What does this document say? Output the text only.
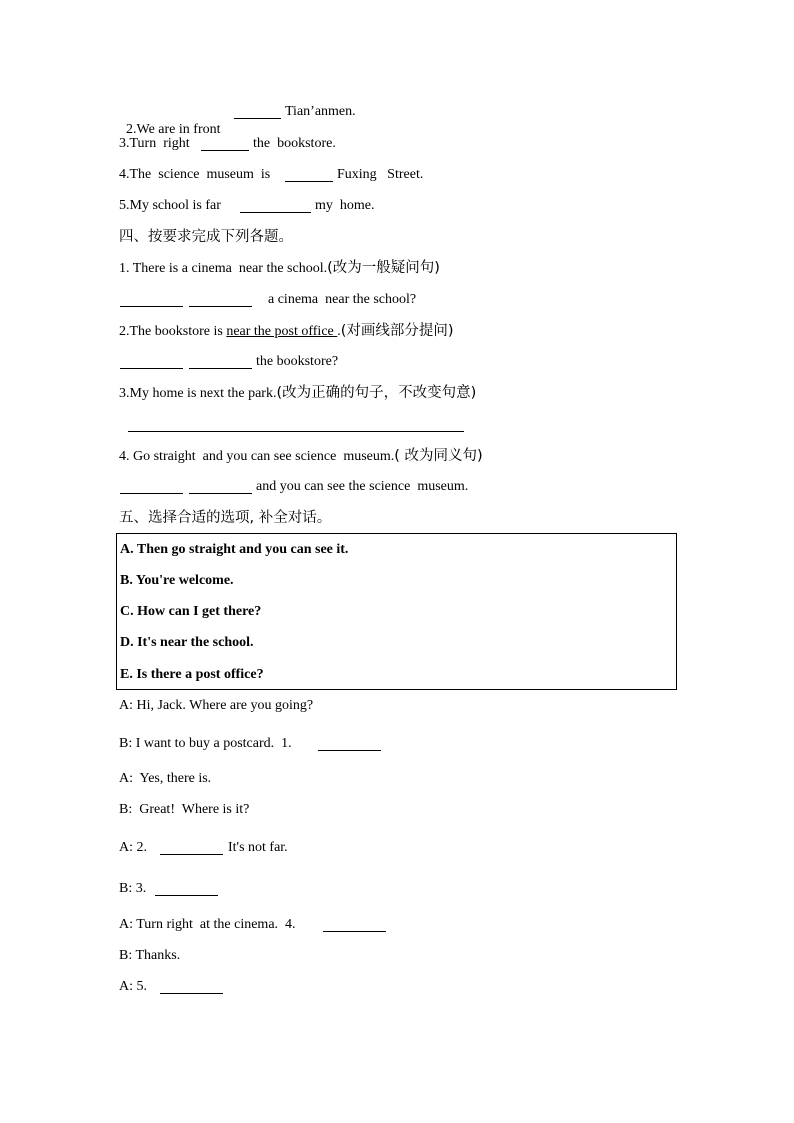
2.We are in front

Tian’anmen.
3.Turn  right	the  bookstore.
4.The  science  museum  is	Fuxing   Street.
5.My school is far	my  home.
四、按要求完成下列各题。
1. There is a cinema  near the school.(改为一般疑问句)
a cinema  near the school?
2.The bookstore is near the post office .(对画线部分提问)
the bookstore?
3.My home is next the park.(改为正确的句子，不改变句意)
4. Go straight  and you can see science  museum.( 改为同义句)
and you can see the science  museum.
五、选择合适的选项, 补全对话。
A. Then go straight and you can see it.
B. You're welcome.
C. How can I get there?
D. It's near the school.
E. Is there a post office?
A: Hi, Jack. Where are you going?
B: I want to buy a postcard.  1.
A:  Yes, there is.
B:  Great!  Where is it?
A: 2.	It's not far.
B: 3.
A: Turn right  at the cinema.  4.
B: Thanks.
A: 5.
